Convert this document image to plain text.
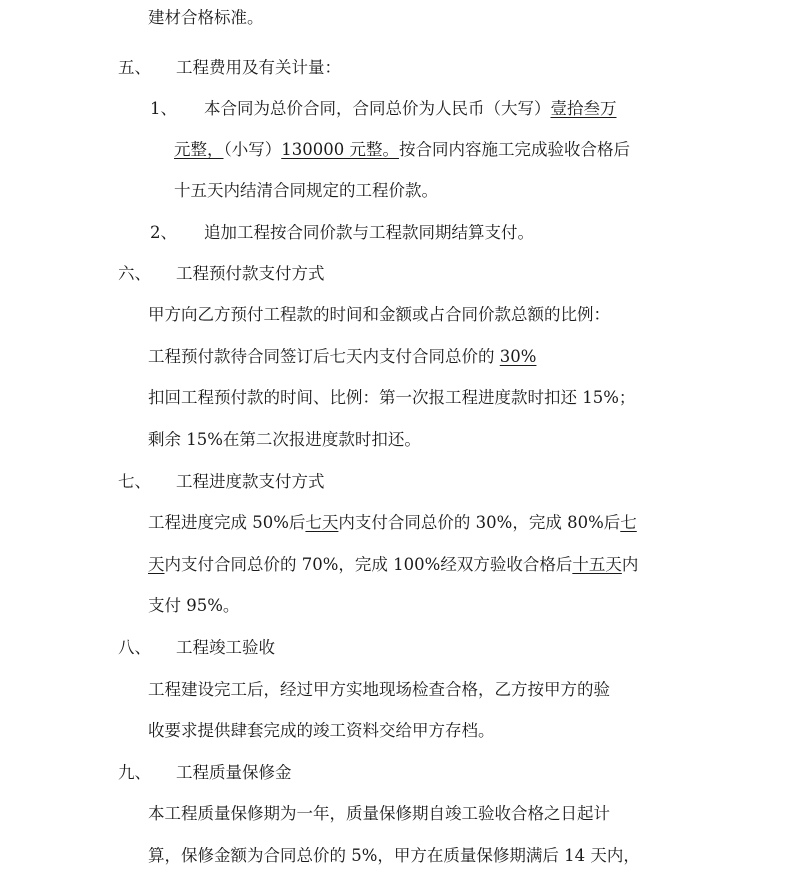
建材合格标准。
五、 工程费用及有关计量：
1、 本合同为总价合同，合同总价为人民币（大写）壹拾叁万
元整，（小写）130000 元整。按合同内容施工完成验收合格后
十五天内结清合同规定的工程价款。
2、 追加工程按合同价款与工程款同期结算支付。
六、 工程预付款支付方式
甲方向乙方预付工程款的时间和金额或占合同价款总额的比例：
工程预付款待合同签订后七天内支付合同总价的 30%
扣回工程预付款的时间、比例：第一次报工程进度款时扣还 15%；
剩余 15%在第二次报进度款时扣还。
七、 工程进度款支付方式
工程进度完成 50%后七天内支付合同总价的 30%，完成 80%后七
天内支付合同总价的 70%，完成 100%经双方验收合格后十五天内
支付 95%。
八、 工程竣工验收
工程建设完工后，经过甲方实地现场检查合格，乙方按甲方的验
收要求提供肆套完成的竣工资料交给甲方存档。
九、 工程质量保修金
本工程质量保修期为一年，质量保修期自竣工验收合格之日起计
算，保修金额为合同总价的 5%，甲方在质量保修期满后 14 天内，
